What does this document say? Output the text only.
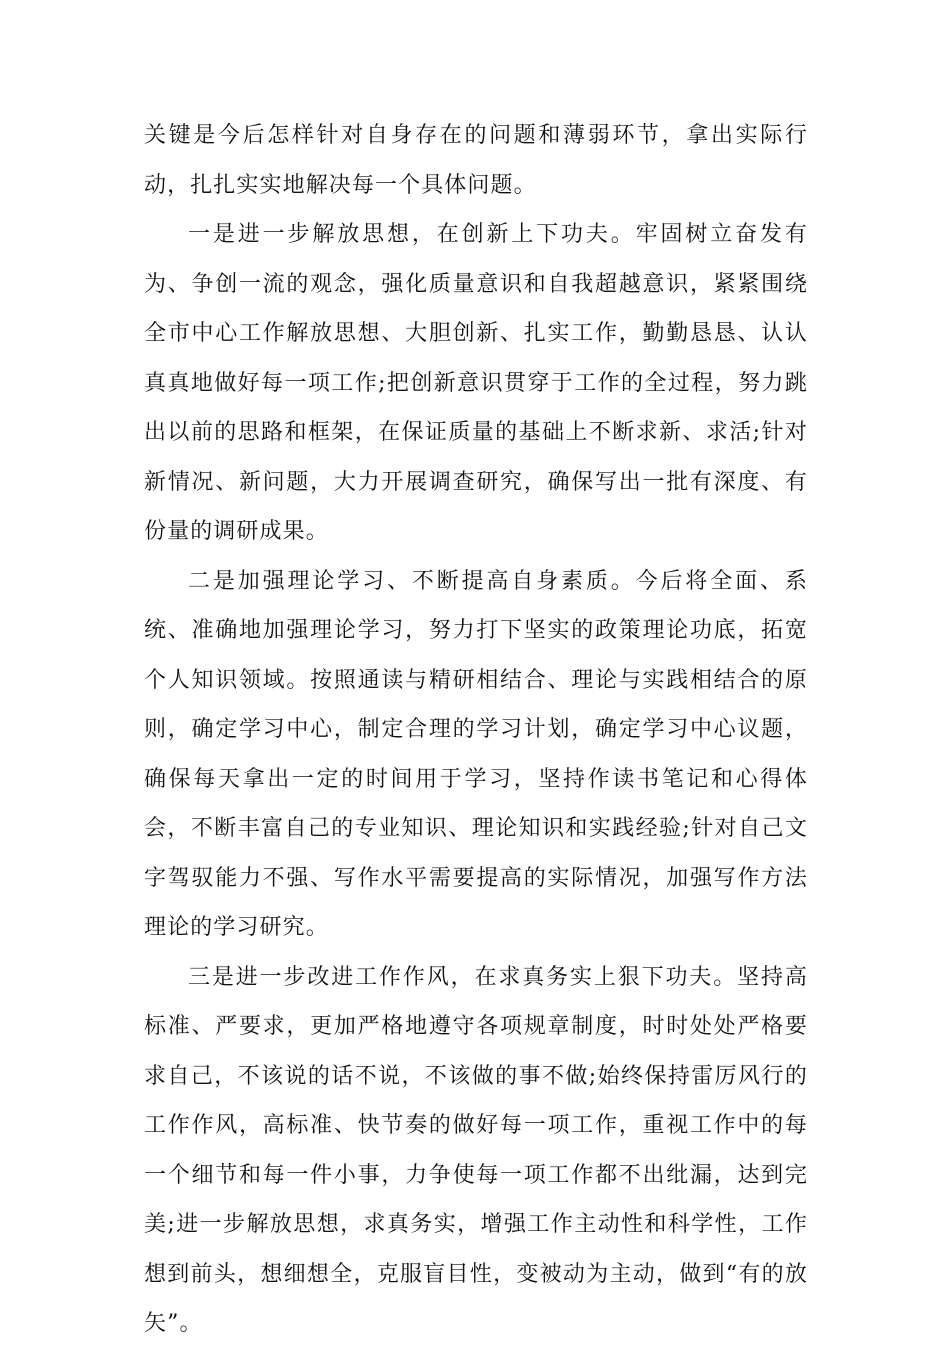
关键是今后怎样针对自身存在的问题和薄弱环节，拿出实际行动，扎扎实实地解决每一个具体问题。

一是进一步解放思想，在创新上下功夫。牢固树立奋发有为、争创一流的观念，强化质量意识和自我超越意识，紧紧围绕全市中心工作解放思想、大胆创新、扎实工作，勤勤恳恳、认认真真地做好每一项工作;把创新意识贯穿于工作的全过程，努力跳出以前的思路和框架，在保证质量的基础上不断求新、求活;针对新情况、新问题，大力开展调查研究，确保写出一批有深度、有份量的调研成果。

二是加强理论学习、不断提高自身素质。今后将全面、系统、准确地加强理论学习，努力打下坚实的政策理论功底，拓宽个人知识领域。按照通读与精研相结合、理论与实践相结合的原则，确定学习中心，制定合理的学习计划，确定学习中心议题，确保每天拿出一定的时间用于学习，坚持作读书笔记和心得体会，不断丰富自己的专业知识、理论知识和实践经验;针对自己文字驾驭能力不强、写作水平需要提高的实际情况，加强写作方法理论的学习研究。

三是进一步改进工作作风，在求真务实上狠下功夫。坚持高标准、严要求，更加严格地遵守各项规章制度，时时处处严格要求自己，不该说的话不说，不该做的事不做;始终保持雷厉风行的工作作风，高标准、快节奏的做好每一项工作，重视工作中的每一个细节和每一件小事，力争使每一项工作都不出纰漏，达到完美;进一步解放思想，求真务实，增强工作主动性和科学性，工作想到前头，想细想全，克服盲目性，变被动为主动，做到“有的放矢”。
